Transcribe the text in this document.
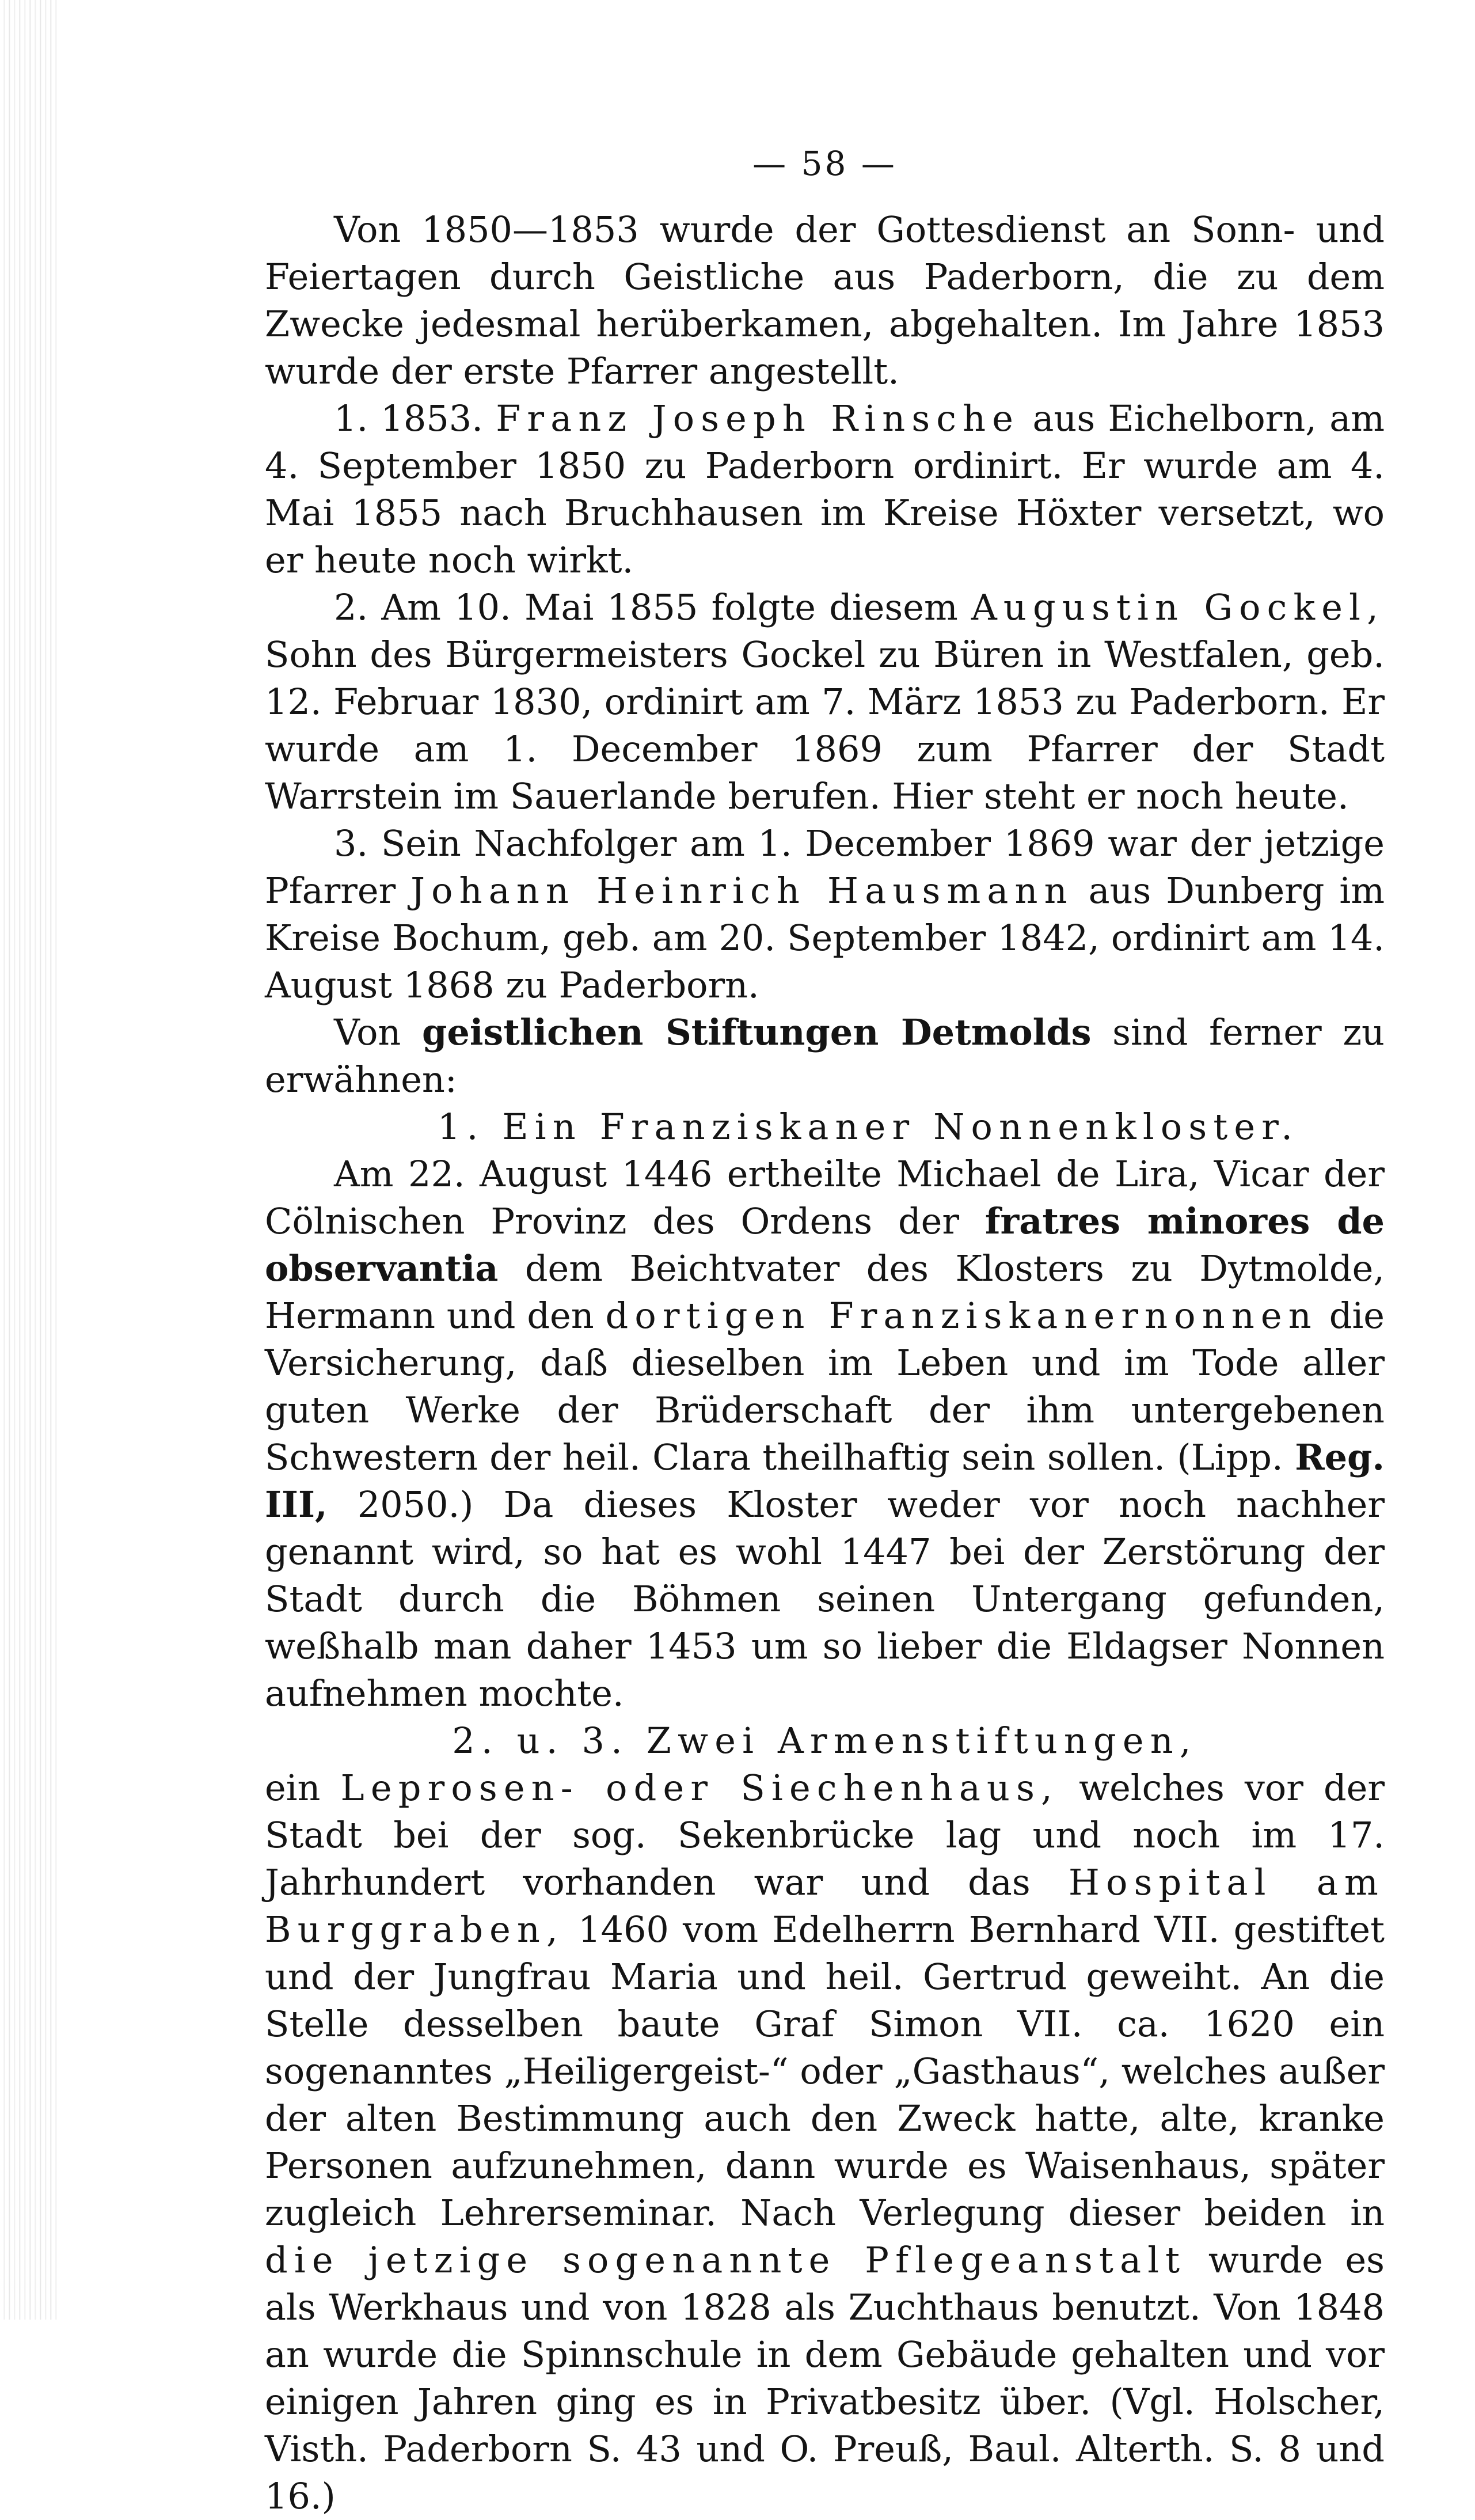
— 58 —

Von 1850—1853 wurde der Gottesdienst an Sonn- und Feiertagen durch Geistliche aus Paderborn, die zu dem Zwecke jedesmal herüberkamen, abgehalten. Im Jahre 1853 wurde der erste Pfarrer angestellt.

1. 1853. Franz Joseph Rinsche aus Eichelborn, am 4. September 1850 zu Paderborn ordinirt. Er wurde am 4. Mai 1855 nach Bruchhausen im Kreise Höxter versetzt, wo er heute noch wirkt.

2. Am 10. Mai 1855 folgte diesem Augustin Gockel, Sohn des Bürgermeisters Gockel zu Büren in Westfalen, geb. 12. Februar 1830, ordinirt am 7. März 1853 zu Paderborn. Er wurde am 1. December 1869 zum Pfarrer der Stadt Warrstein im Sauerlande berufen. Hier steht er noch heute.

3. Sein Nachfolger am 1. December 1869 war der jetzige Pfarrer Johann Heinrich Hausmann aus Dunberg im Kreise Bochum, geb. am 20. September 1842, ordinirt am 14. August 1868 zu Paderborn.

Von geistlichen Stiftungen Detmolds sind ferner zu erwähnen:

1. Ein Franziskaner Nonnenkloster.

Am 22. August 1446 ertheilte Michael de Lira, Vicar der Cölnischen Provinz des Ordens der fratres minores de observantia dem Beichtvater des Klosters zu Dytmolde, Hermann und den dortigen Franziskanernonnen die Versicherung, daß dieselben im Leben und im Tode aller guten Werke der Brüderschaft der ihm untergebenen Schwestern der heil. Clara theilhaftig sein sollen. (Lipp. Reg. III, 2050.) Da dieses Kloster weder vor noch nachher genannt wird, so hat es wohl 1447 bei der Zerstörung der Stadt durch die Böhmen seinen Untergang gefunden, weßhalb man daher 1453 um so lieber die Eldagser Nonnen aufnehmen mochte.

2. u. 3. Zwei Armenstiftungen,

ein Leprosen- oder Siechenhaus, welches vor der Stadt bei der sog. Sekenbrücke lag und noch im 17. Jahrhundert vorhanden war und das Hospital am Burggraben, 1460 vom Edelherrn Bernhard VII. gestiftet und der Jungfrau Maria und heil. Gertrud geweiht. An die Stelle desselben baute Graf Simon VII. ca. 1620 ein sogenanntes „Heiligergeist-“ oder „Gasthaus“, welches außer der alten Bestimmung auch den Zweck hatte, alte, kranke Personen aufzunehmen, dann wurde es Waisenhaus, später zugleich Lehrerseminar. Nach Verlegung dieser beiden in die jetzige sogenannte Pflegeanstalt wurde es als Werkhaus und von 1828 als Zuchthaus benutzt. Von 1848 an wurde die Spinnschule in dem Gebäude gehalten und vor einigen Jahren ging es in Privatbesitz über. (Vgl. Holscher, Visth. Paderborn S. 43 und O. Preuß, Baul. Alterth. S. 8 und 16.)
